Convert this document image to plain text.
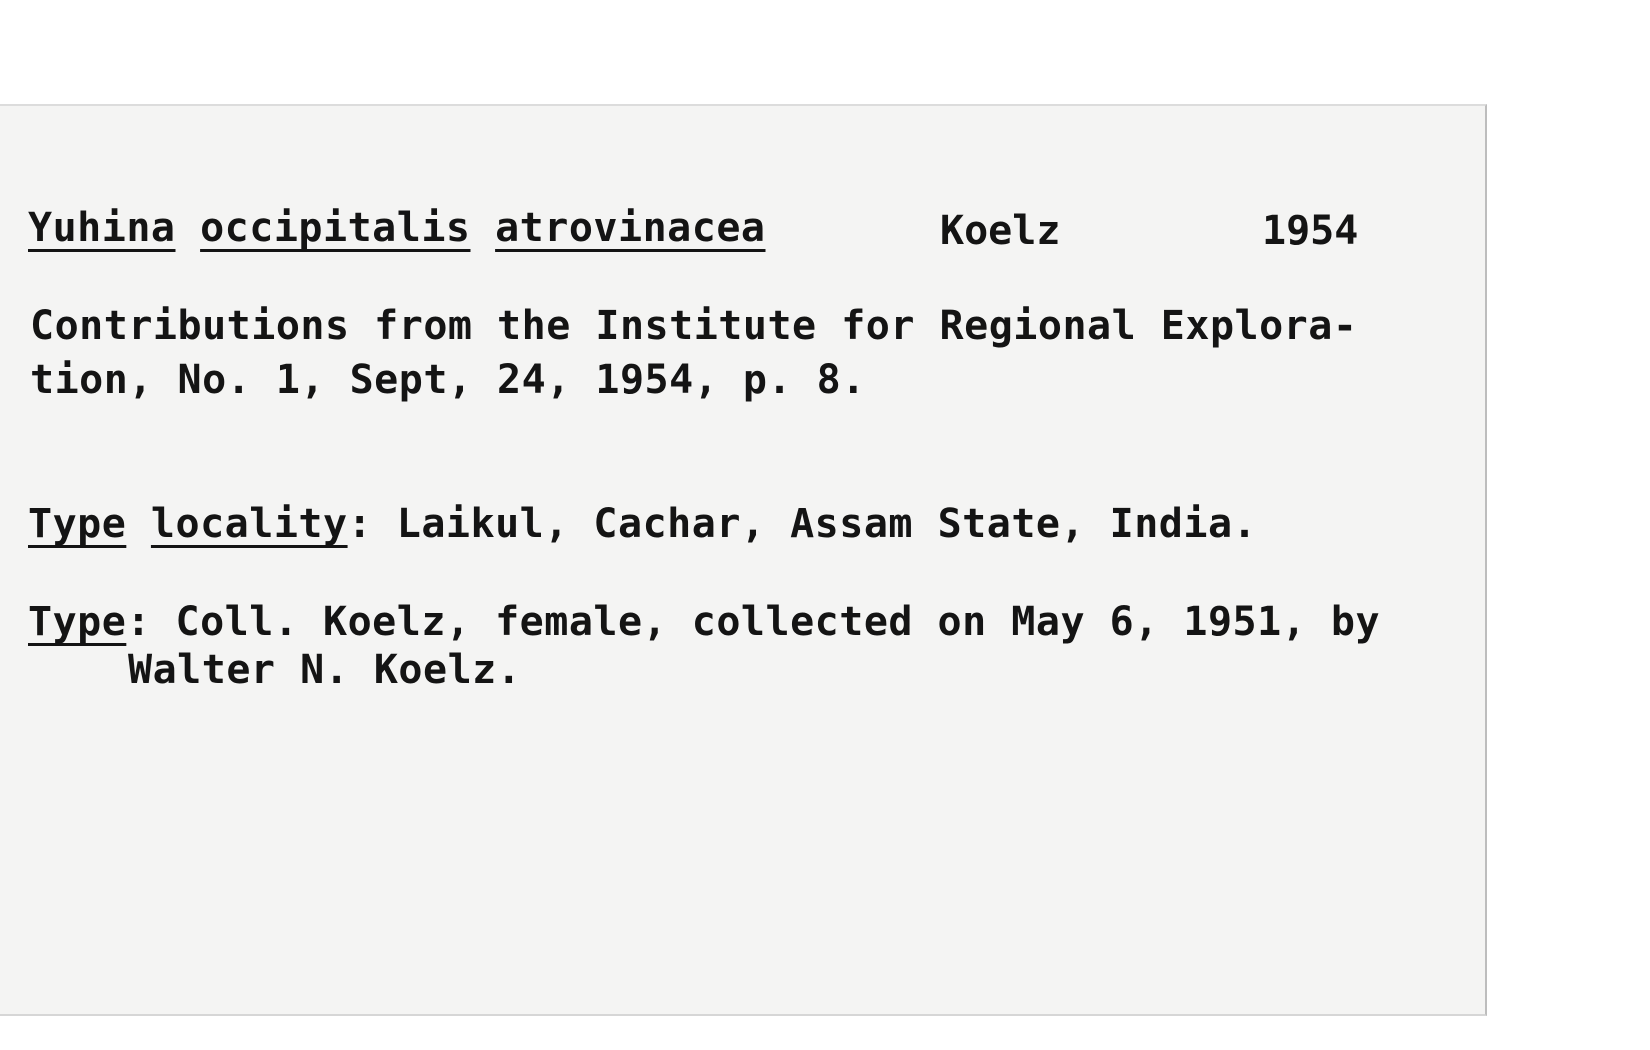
Yuhina occipitalis atrovinacea	Koelz	1954
Contributions from the Institute for Regional Explora-
tion, No. 1, Sept, 24, 1954, p. 8.
Type locality: Laikul, Cachar, Assam State, India.
Type: Coll. Koelz, female, collected on May 6, 1951, by
Walter N. Koelz.
